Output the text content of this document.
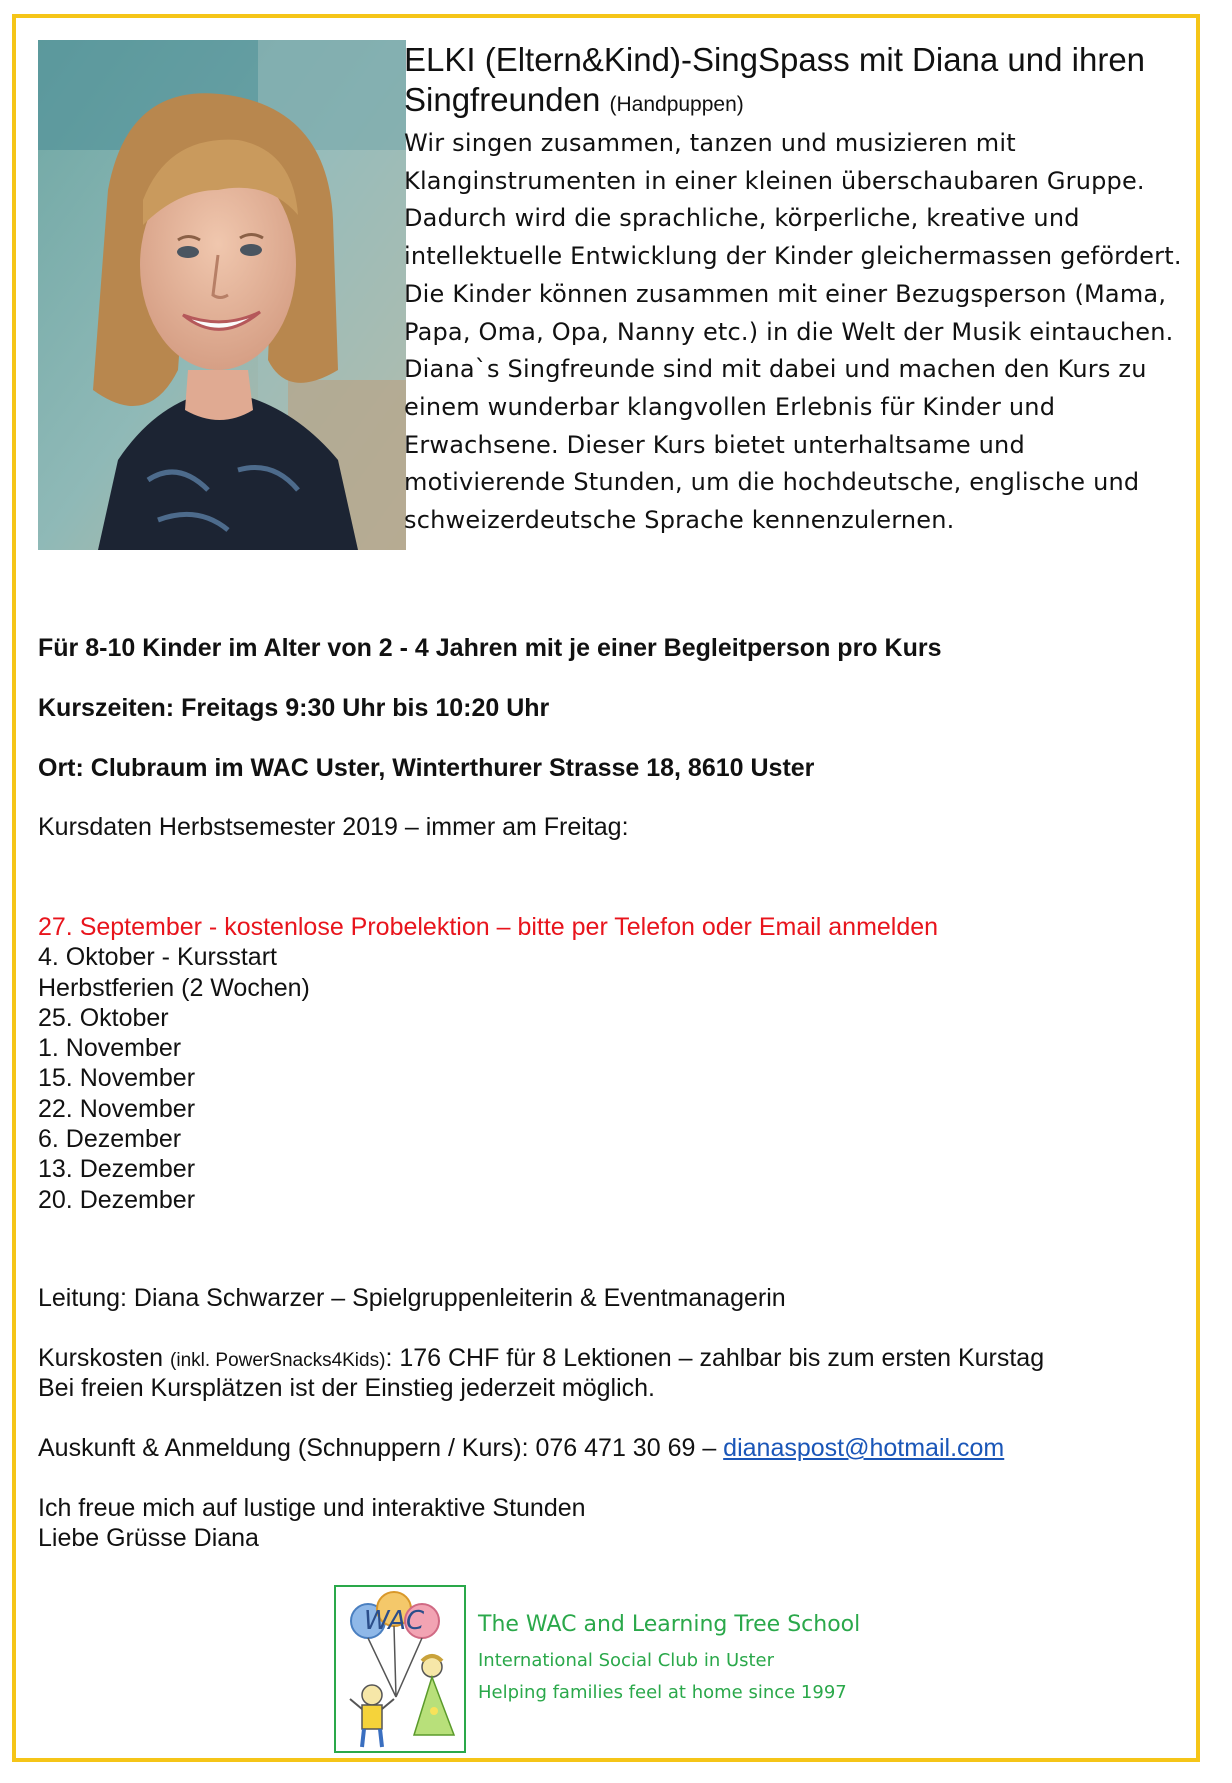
ELKI (Eltern&Kind)-SingSpass mit Diana und ihren Singfreunden (Handpuppen)

Wir singen zusammen, tanzen und musizieren mit Klanginstrumenten in einer kleinen überschaubaren Gruppe. Dadurch wird die sprachliche, körperliche, kreative und intellektuelle Entwicklung der Kinder gleichermassen gefördert. Die Kinder können zusammen mit einer Bezugsperson (Mama, Papa, Oma, Opa, Nanny etc.) in die Welt der Musik eintauchen. Diana`s Singfreunde sind mit dabei und machen den Kurs zu einem wunderbar klangvollen Erlebnis für Kinder und Erwachsene. Dieser Kurs bietet unterhaltsame und motivierende Stunden, um die hochdeutsche, englische und schweizerdeutsche Sprache kennenzulernen.

Für 8-10 Kinder im Alter von 2 - 4 Jahren mit je einer Begleitperson pro Kurs
Kurszeiten: Freitags 9:30 Uhr bis 10:20 Uhr
Ort: Clubraum im WAC Uster, Winterthurer Strasse 18, 8610 Uster
Kursdaten Herbstsemester 2019 – immer am Freitag:
27. September - kostenlose Probelektion – bitte per Telefon oder Email anmelden
4. Oktober - Kursstart
Herbstferien (2 Wochen)
25. Oktober
1. November
15. November
22. November
6. Dezember
13. Dezember
20. Dezember
Leitung: Diana Schwarzer – Spielgruppenleiterin & Eventmanagerin
Kurskosten (inkl. PowerSnacks4Kids): 176 CHF für 8 Lektionen – zahlbar bis zum ersten Kurstag
Bei freien Kursplätzen ist der Einstieg jederzeit möglich.
Auskunft & Anmeldung (Schnuppern / Kurs): 076 471 30 69 – dianaspost@hotmail.com
Ich freue mich auf lustige und interaktive Stunden
Liebe Grüsse Diana
WAC The WAC and Learning Tree School
International Social Club in Uster
Helping families feel at home since 1997
